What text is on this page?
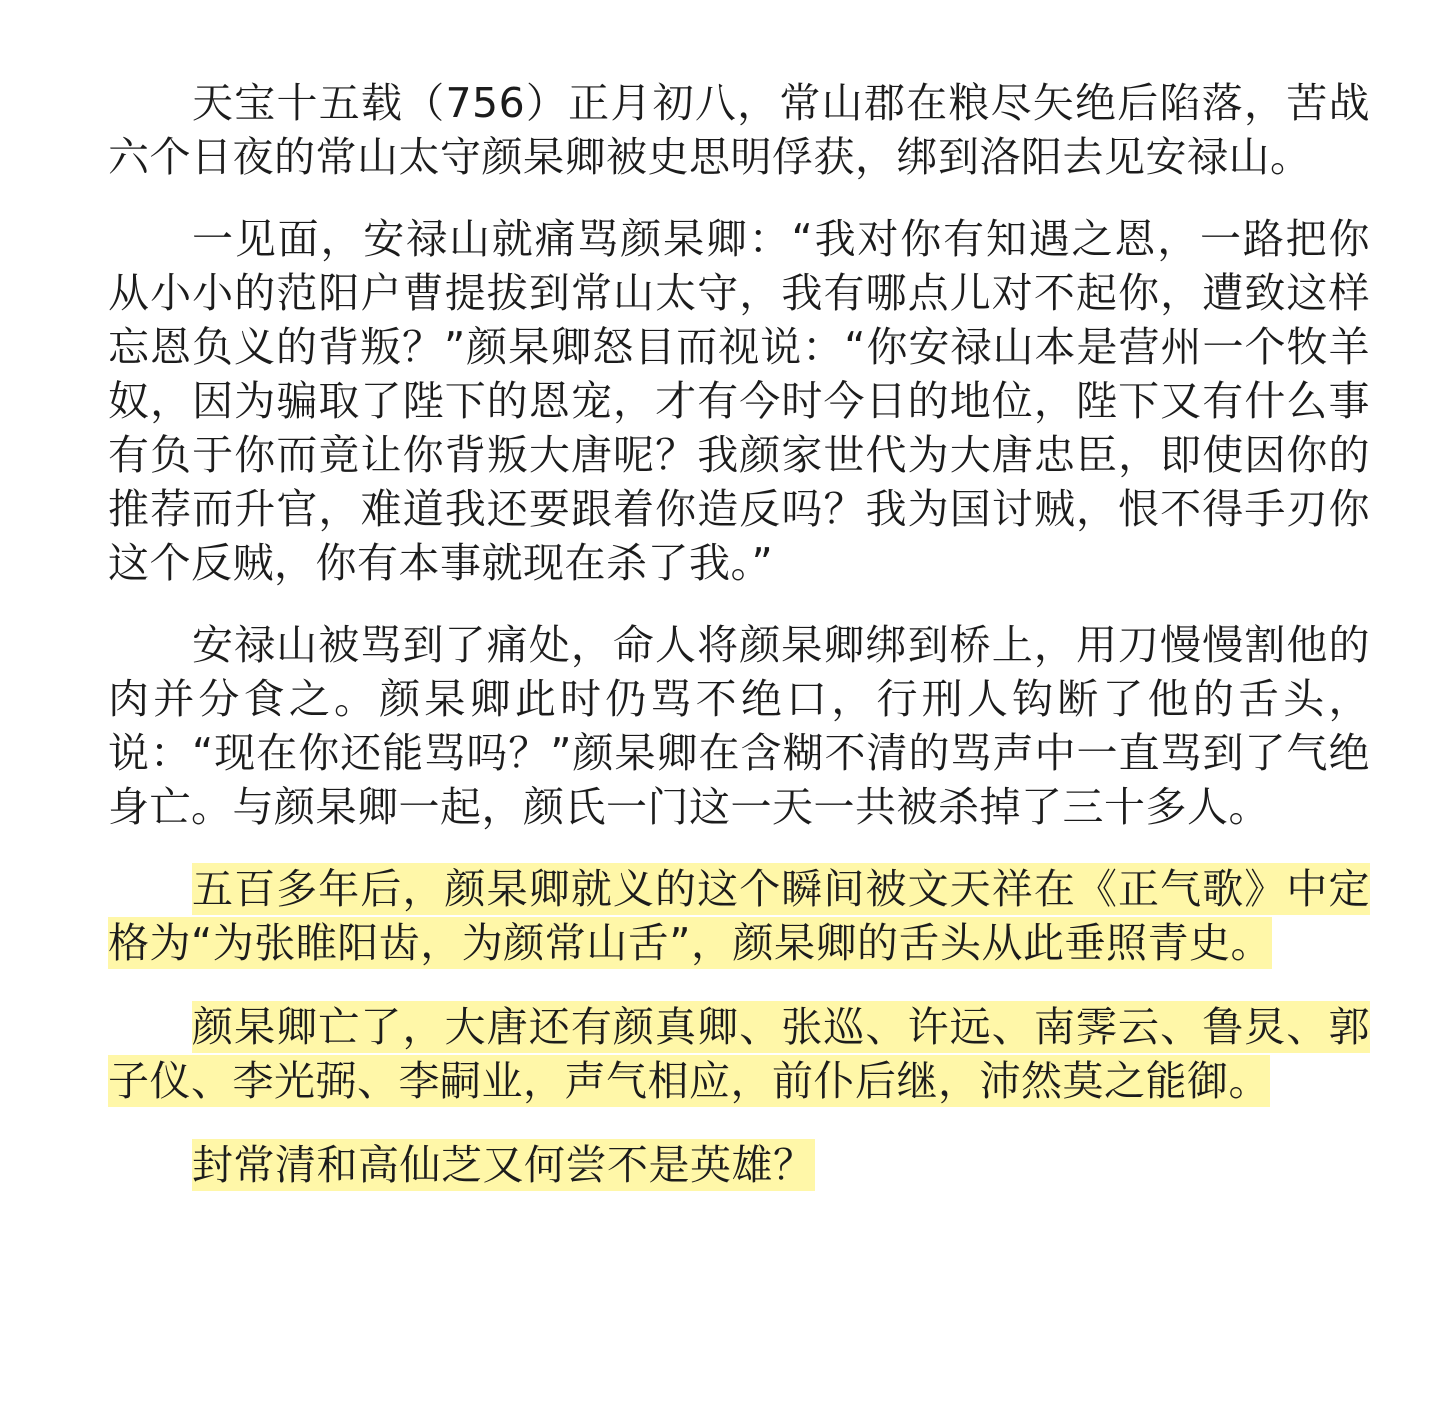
天宝十五载（756）正月初八，常山郡在粮尽矢绝后陷落，苦战六个日夜的常山太守颜杲卿被史思明俘获，绑到洛阳去见安禄山。

一见面，安禄山就痛骂颜杲卿：“我对你有知遇之恩，一路把你从小小的范阳户曹提拔到常山太守，我有哪点儿对不起你，遭致这样忘恩负义的背叛？”颜杲卿怒目而视说：“你安禄山本是营州一个牧羊奴，因为骗取了陛下的恩宠，才有今时今日的地位，陛下又有什么事有负于你而竟让你背叛大唐呢？我颜家世代为大唐忠臣，即使因你的推荐而升官，难道我还要跟着你造反吗？我为国讨贼，恨不得手刃你这个反贼，你有本事就现在杀了我。”

安禄山被骂到了痛处，命人将颜杲卿绑到桥上，用刀慢慢割他的肉并分食之。颜杲卿此时仍骂不绝口，行刑人钩断了他的舌头，说：“现在你还能骂吗？”颜杲卿在含糊不清的骂声中一直骂到了气绝身亡。与颜杲卿一起，颜氏一门这一天一共被杀掉了三十多人。

五百多年后，颜杲卿就义的这个瞬间被文天祥在《正气歌》中定格为“为张睢阳齿，为颜常山舌”，颜杲卿的舌头从此垂照青史。

颜杲卿亡了，大唐还有颜真卿、张巡、许远、南霁云、鲁炅、郭子仪、李光弼、李嗣业，声气相应，前仆后继，沛然莫之能御。

封常清和高仙芝又何尝不是英雄？
